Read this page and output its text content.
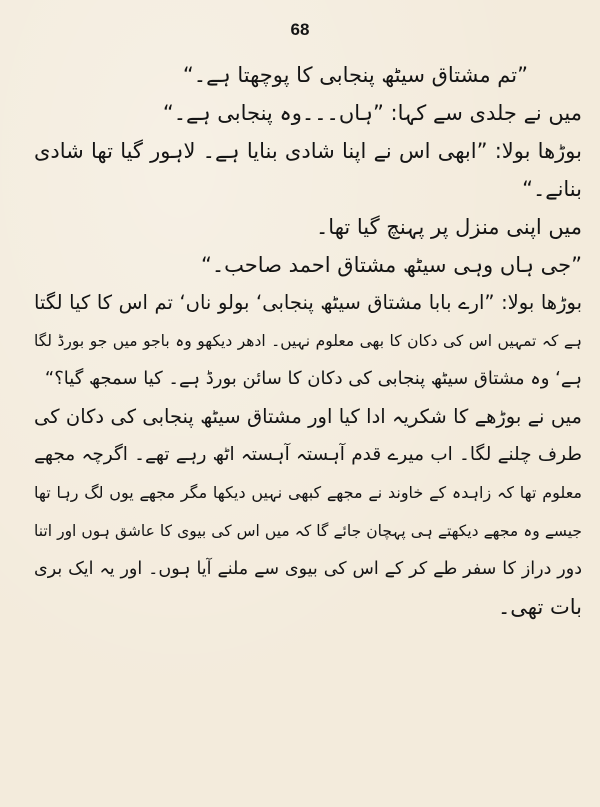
68
”تم مشتاق سیٹھ پنجابی کا پوچھتا ہے۔“
میں نے جلدی سے کہا: ”ہاں۔۔۔وہ پنجابی ہے۔“
بوڑھا بولا: ”ابھی اس نے اپنا شادی بنایا ہے۔ لاہور گیا تھا شادی
بنانے۔“
میں اپنی منزل پر پہنچ گیا تھا۔
”جی ہاں وہی سیٹھ مشتاق احمد صاحب۔“
بوڑھا بولا: ”ارے بابا مشتاق سیٹھ پنجابی‘ بولو ناں‘ تم اس کا کیا لگتا
ہے کہ تمہیں اس کی دکان کا بھی معلوم نہیں۔ ادھر دیکھو وہ باجو میں جو بورڈ لگا
ہے‘ وہ مشتاق سیٹھ پنجابی کی دکان کا سائن بورڈ ہے۔ کیا سمجھ گیا؟“
میں نے بوڑھے کا شکریہ ادا کیا اور مشتاق سیٹھ پنجابی کی دکان کی
طرف چلنے لگا۔ اب میرے قدم آہستہ آہستہ اٹھ رہے تھے۔ اگرچہ مجھے
معلوم تھا کہ زاہدہ کے خاوند نے مجھے کبھی نہیں دیکھا مگر مجھے یوں لگ رہا تھا
جیسے وہ مجھے دیکھتے ہی پہچان جائے گا کہ میں اس کی بیوی کا عاشق ہوں اور اتنا
دور دراز کا سفر طے کر کے اس کی بیوی سے ملنے آیا ہوں۔ اور یہ ایک بری
بات تھی۔
